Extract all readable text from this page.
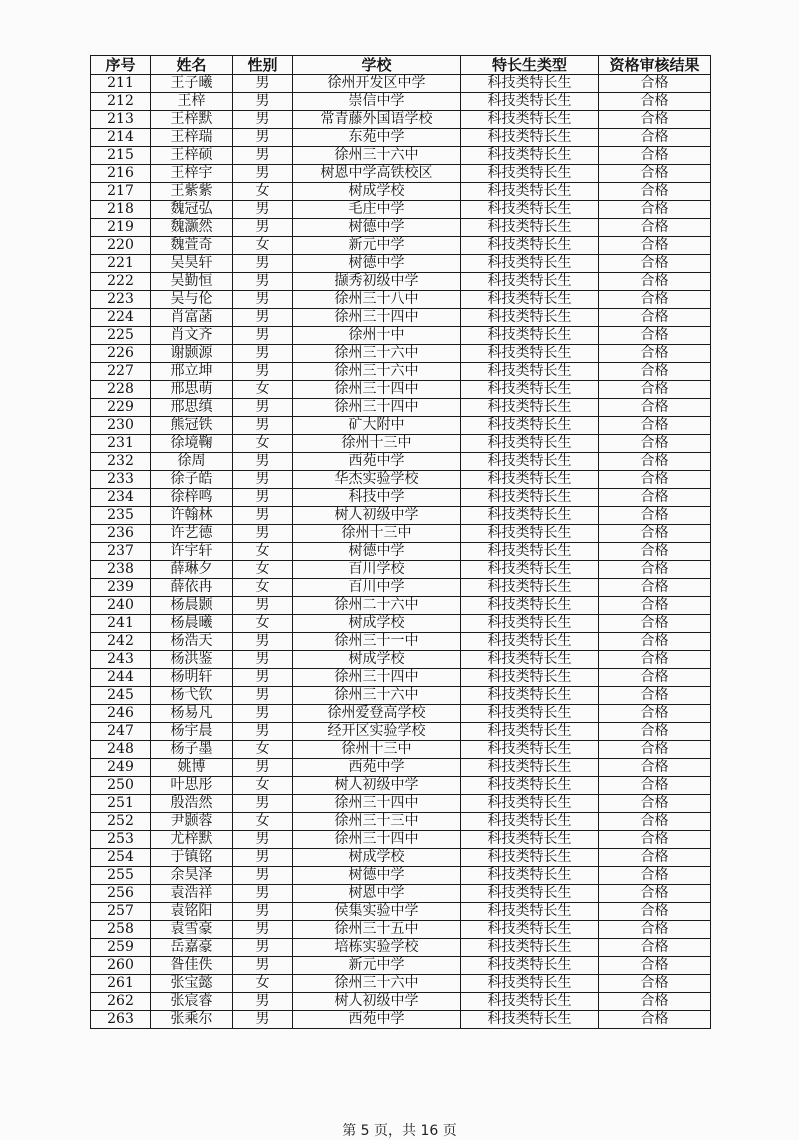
序号	姓名	性别	学校	特长生类型	资格审核结果
211	王子曦	男	徐州开发区中学	科技类特长生	合格
212	王梓	男	崇信中学	科技类特长生	合格
213	王梓默	男	常青藤外国语学校	科技类特长生	合格
214	王梓瑞	男	东苑中学	科技类特长生	合格
215	王梓硕	男	徐州三十六中	科技类特长生	合格
216	王梓宇	男	树恩中学高铁校区	科技类特长生	合格
217	王紫紫	女	树成学校	科技类特长生	合格
218	魏冠弘	男	毛庄中学	科技类特长生	合格
219	魏灏然	男	树德中学	科技类特长生	合格
220	魏萱奇	女	新元中学	科技类特长生	合格
221	吴昊轩	男	树德中学	科技类特长生	合格
222	吴勤恒	男	撷秀初级中学	科技类特长生	合格
223	吴与伦	男	徐州三十八中	科技类特长生	合格
224	肖富菡	男	徐州三十四中	科技类特长生	合格
225	肖文齐	男	徐州十中	科技类特长生	合格
226	谢颢源	男	徐州三十六中	科技类特长生	合格
227	邢立坤	男	徐州三十六中	科技类特长生	合格
228	邢思萌	女	徐州三十四中	科技类特长生	合格
229	邢思缜	男	徐州三十四中	科技类特长生	合格
230	熊冠铁	男	矿大附中	科技类特长生	合格
231	徐境鞠	女	徐州十三中	科技类特长生	合格
232	徐周	男	西苑中学	科技类特长生	合格
233	徐子皓	男	华杰实验学校	科技类特长生	合格
234	徐梓鸣	男	科技中学	科技类特长生	合格
235	许翰林	男	树人初级中学	科技类特长生	合格
236	许艺德	男	徐州十三中	科技类特长生	合格
237	许宇轩	女	树德中学	科技类特长生	合格
238	薛琳夕	女	百川学校	科技类特长生	合格
239	薛依冉	女	百川中学	科技类特长生	合格
240	杨晨颢	男	徐州二十六中	科技类特长生	合格
241	杨晨曦	女	树成学校	科技类特长生	合格
242	杨浩天	男	徐州三十一中	科技类特长生	合格
243	杨洪鉴	男	树成学校	科技类特长生	合格
244	杨明轩	男	徐州三十四中	科技类特长生	合格
245	杨弋钦	男	徐州三十六中	科技类特长生	合格
246	杨易凡	男	徐州爱登高学校	科技类特长生	合格
247	杨宇晨	男	经开区实验学校	科技类特长生	合格
248	杨子墨	女	徐州十三中	科技类特长生	合格
249	姚博	男	西苑中学	科技类特长生	合格
250	叶思彤	女	树人初级中学	科技类特长生	合格
251	殷浩然	男	徐州三十四中	科技类特长生	合格
252	尹颢蓉	女	徐州三十三中	科技类特长生	合格
253	尤梓默	男	徐州三十四中	科技类特长生	合格
254	于镇铭	男	树成学校	科技类特长生	合格
255	余昊泽	男	树德中学	科技类特长生	合格
256	袁浩祥	男	树恩中学	科技类特长生	合格
257	袁铭阳	男	侯集实验中学	科技类特长生	合格
258	袁雪豪	男	徐州三十五中	科技类特长生	合格
259	岳嘉豪	男	培栋实验学校	科技类特长生	合格
260	昝佳佚	男	新元中学	科技类特长生	合格
261	张宝懿	女	徐州三十六中	科技类特长生	合格
262	张宸睿	男	树人初级中学	科技类特长生	合格
263	张乘尔	男	西苑中学	科技类特长生	合格
第 5 页，共 16 页
